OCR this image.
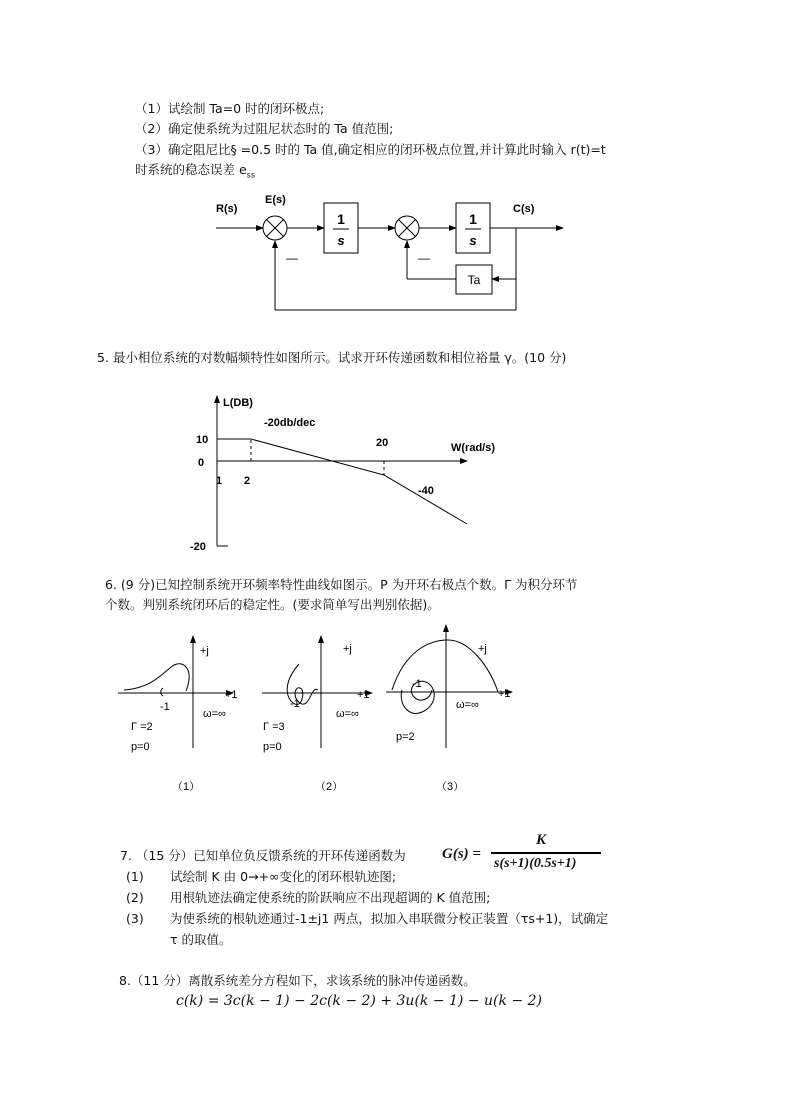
（1）试绘制 Ta=0 时的闭环极点;
（2）确定使系统为过阻尼状态时的 Ta 值范围;
（3）确定阻尼比§ =0.5 时的 Ta 值,确定相应的闭环极点位置,并计算此时输入 r(t)=t
时系统的稳态误差 $e_{ss}$
R(s)
E(s)
C(s)
1
s
1
s
Ta
—
—
5. 最小相位系统的对数幅频特性如图所示。试求开环传递函数和相位裕量 γ。(10 分)
L(DB)
W(rad/s)
-20db/dec
-40
10
0
-20
1 2
20
6. (9 分)已知控制系统开环频率特性曲线如图示。P 为开环右极点个数。Γ 为积分环节
个数。判别系统闭环后的稳定性。(要求简单写出判别依据)。
+j
+1
-1
ω=∞
Γ =2
p=0
（1）
+j
+1
-1
ω=∞
Γ =3
p=0
（2）
+j
+1
-1
ω=∞
p=2
（3）
7. （15 分）已知单位负反馈系统的开环传递函数为 G(s) =
K
s(s+1)(0.5s+1)
(1) 试绘制 K 由 0→+∞变化的闭环根轨迹图;
(2) 用根轨迹法确定使系统的阶跃响应不出现超调的 K 值范围;
(3) 为使系统的根轨迹通过-1±j1 两点，拟加入串联微分校正装置（τs+1)，试确定
τ 的取值。
8.（11 分）离散系统差分方程如下，求该系统的脉冲传递函数。
c(k) = 3c(k − 1) − 2c(k − 2) + 3u(k − 1) − u(k − 2)
